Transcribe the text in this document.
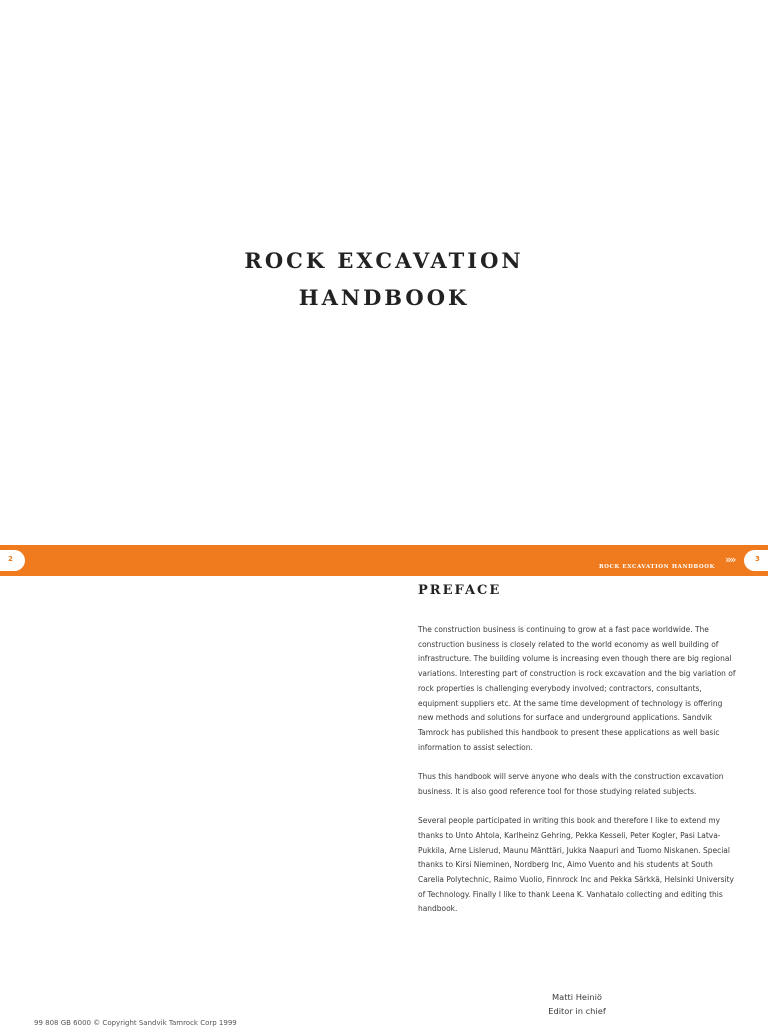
ROCK EXCAVATION
HANDBOOK
2
ROCK EXCAVATION HANDBOOK
»»	3
PREFACE

The construction business is continuing to grow at a fast pace worldwide. The construction business is closely related to the world economy as well building of infrastructure. The building volume is increasing even though there are big regional variations. Interesting part of construction is rock excavation and the big variation of rock properties is challenging everybody involved; contractors, consultants, equipment suppliers etc. At the same time development of technology is offering new methods and solutions for surface and underground applications. Sandvik Tamrock has published this handbook to present these applications as well basic information to assist selection.

Thus this handbook will serve anyone who deals with the construction excavation business. It is also good reference tool for those studying related subjects.

Several people participated in writing this book and therefore I like to extend my thanks to Unto Ahtola, Karlheinz Gehring, Pekka Kesseli, Peter Kogler, Pasi Latva-Pukkila, Arne Lislerud, Maunu Mänttäri, Jukka Naapuri and Tuomo Niskanen. Special thanks to Kirsi Nieminen, Nordberg Inc, Aimo Vuento and his students at South Carelia Polytechnic, Raimo Vuolio, Finnrock Inc and Pekka Särkkä, Helsinki University of Technology. Finally I like to thank Leena K. Vanhatalo collecting and editing this handbook.

Matti Heiniö
Editor in chief
99 808 GB 6000 © Copyright Sandvik Tamrock Corp 1999
